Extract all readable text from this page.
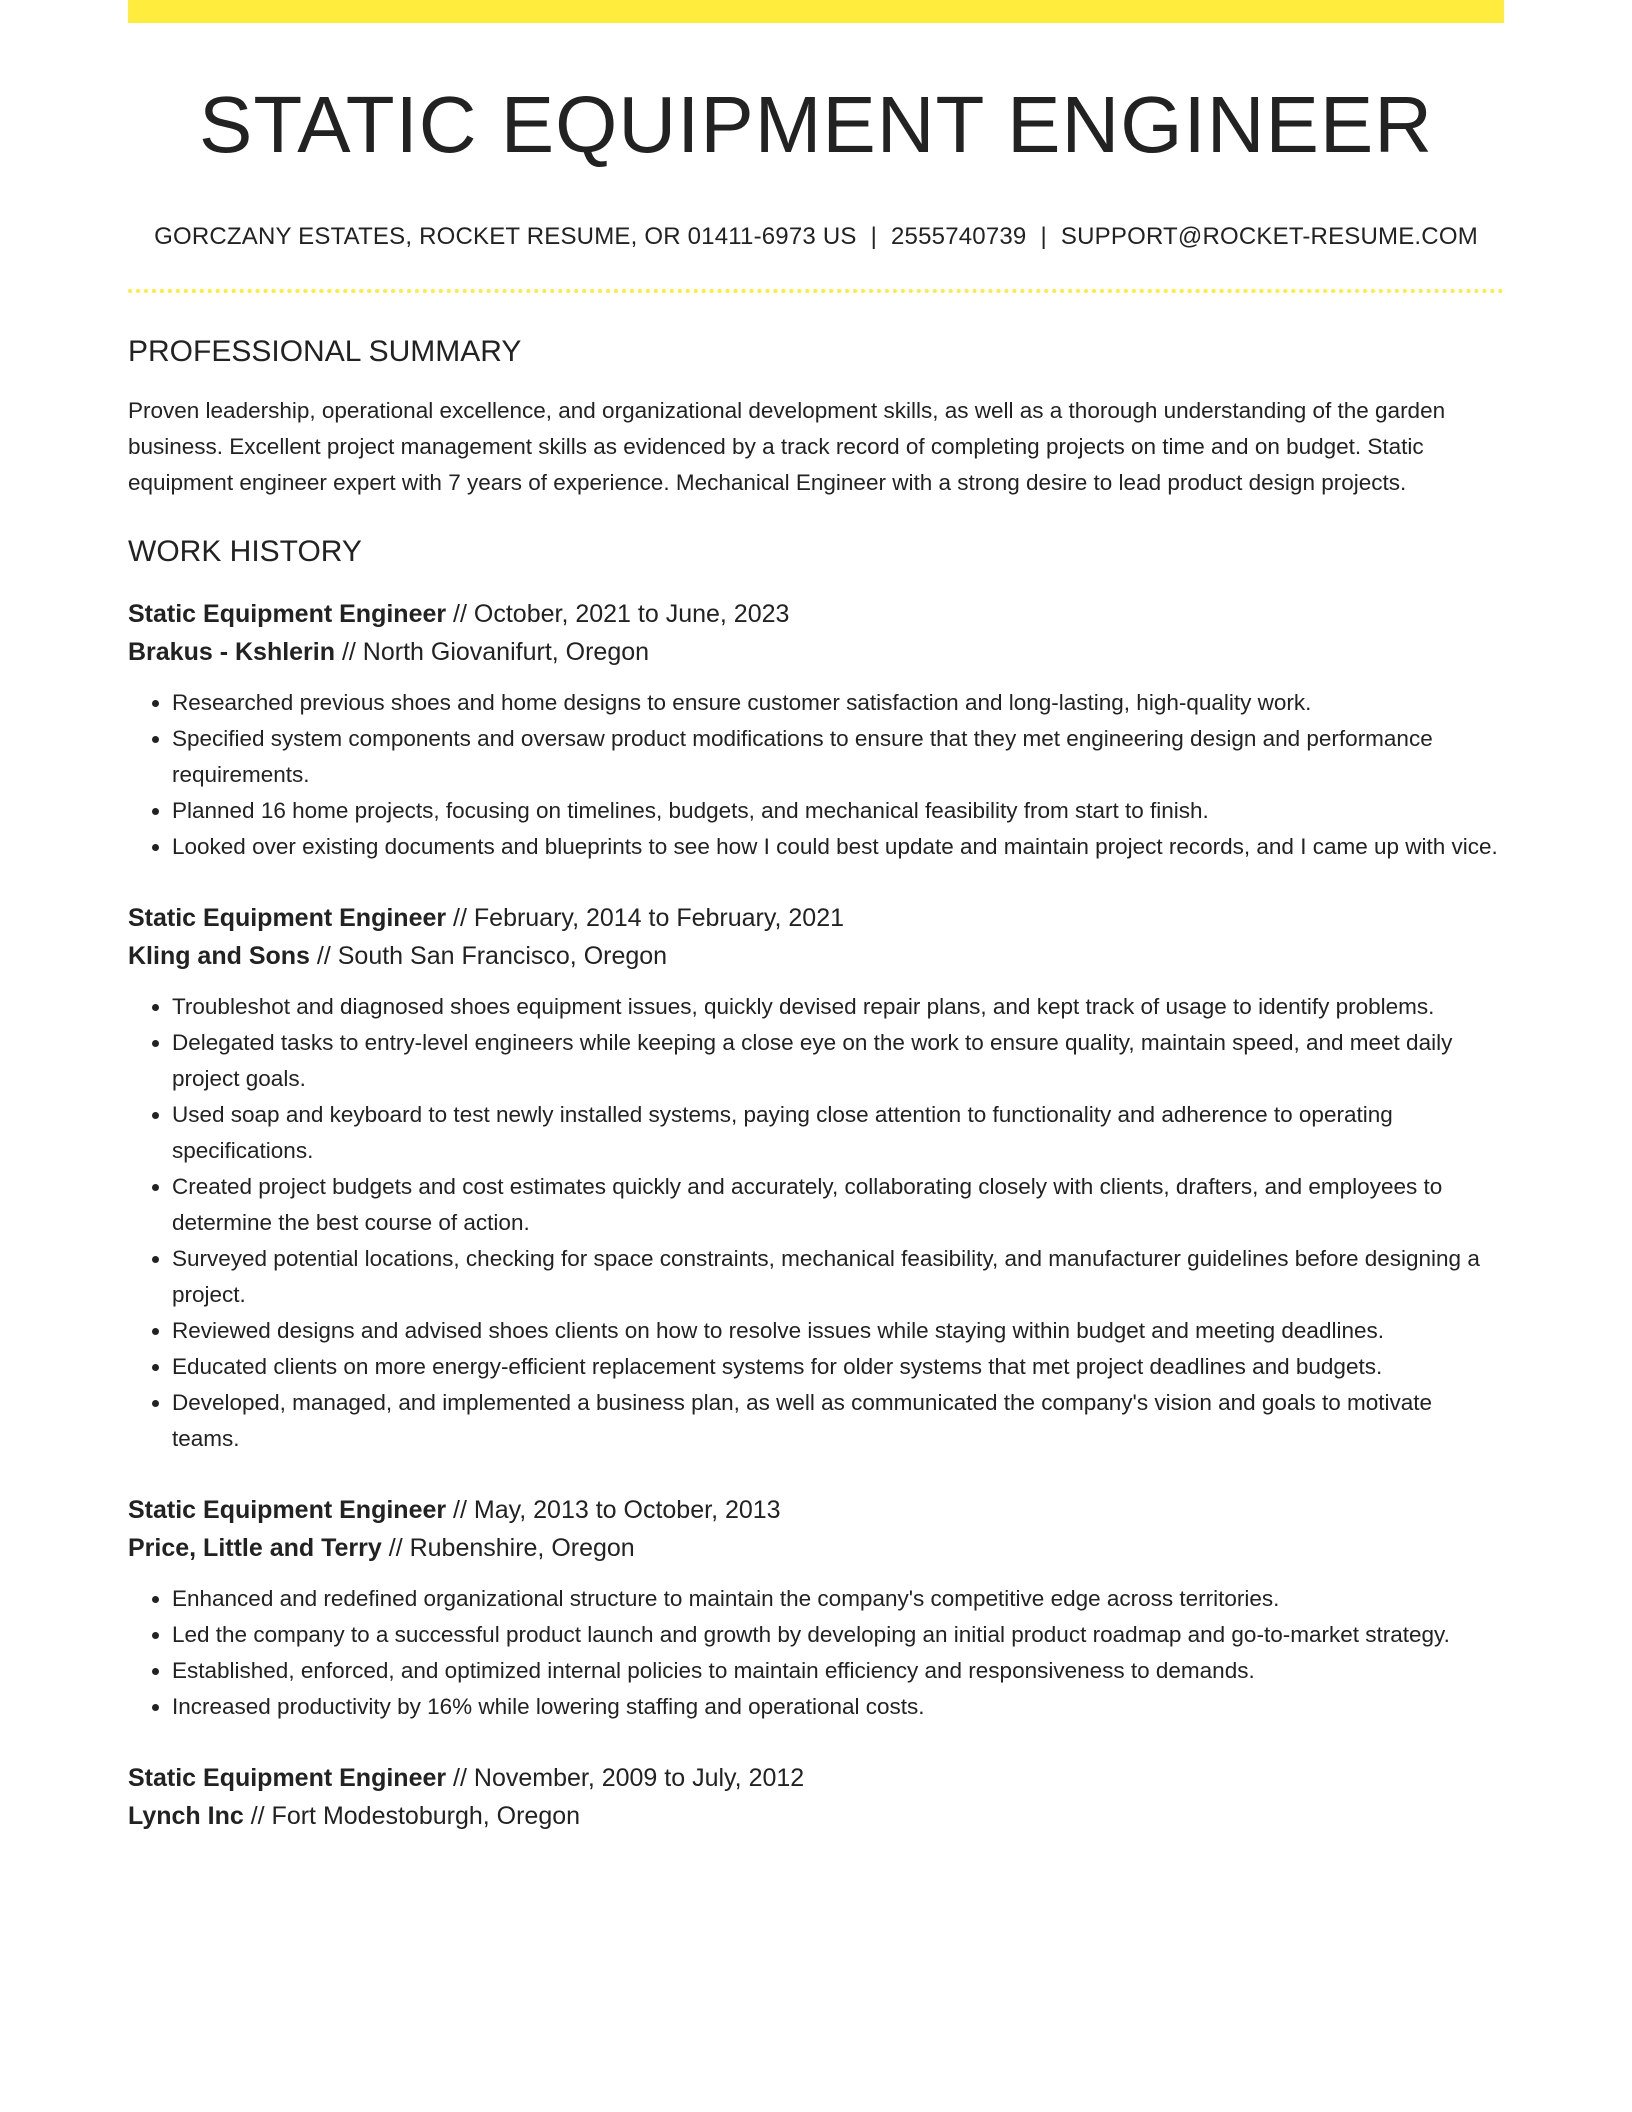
STATIC EQUIPMENT ENGINEER
GORCZANY ESTATES, ROCKET RESUME, OR 01411-6973 US | 2555740739 | SUPPORT@ROCKET-RESUME.COM
PROFESSIONAL SUMMARY

Proven leadership, operational excellence, and organizational development skills, as well as a thorough understanding of the garden business. Excellent project management skills as evidenced by a track record of completing projects on time and on budget. Static equipment engineer expert with 7 years of experience. Mechanical Engineer with a strong desire to lead product design projects.

WORK HISTORY
Static Equipment Engineer // October, 2021 to June, 2023
Brakus - Kshlerin // North Giovanifurt, Oregon
• Researched previous shoes and home designs to ensure customer satisfaction and long-lasting, high-quality work.
• Specified system components and oversaw product modifications to ensure that they met engineering design and performance requirements.
• Planned 16 home projects, focusing on timelines, budgets, and mechanical feasibility from start to finish.
• Looked over existing documents and blueprints to see how I could best update and maintain project records, and I came up with vice.
Static Equipment Engineer // February, 2014 to February, 2021
Kling and Sons // South San Francisco, Oregon
• Troubleshot and diagnosed shoes equipment issues, quickly devised repair plans, and kept track of usage to identify problems.
• Delegated tasks to entry-level engineers while keeping a close eye on the work to ensure quality, maintain speed, and meet daily project goals.
• Used soap and keyboard to test newly installed systems, paying close attention to functionality and adherence to operating specifications.
• Created project budgets and cost estimates quickly and accurately, collaborating closely with clients, drafters, and employees to determine the best course of action.
• Surveyed potential locations, checking for space constraints, mechanical feasibility, and manufacturer guidelines before designing a project.
• Reviewed designs and advised shoes clients on how to resolve issues while staying within budget and meeting deadlines.
• Educated clients on more energy-efficient replacement systems for older systems that met project deadlines and budgets.
• Developed, managed, and implemented a business plan, as well as communicated the company's vision and goals to motivate teams.
Static Equipment Engineer // May, 2013 to October, 2013
Price, Little and Terry // Rubenshire, Oregon
• Enhanced and redefined organizational structure to maintain the company's competitive edge across territories.
• Led the company to a successful product launch and growth by developing an initial product roadmap and go-to-market strategy.
• Established, enforced, and optimized internal policies to maintain efficiency and responsiveness to demands.
• Increased productivity by 16% while lowering staffing and operational costs.
Static Equipment Engineer // November, 2009 to July, 2012
Lynch Inc // Fort Modestoburgh, Oregon
